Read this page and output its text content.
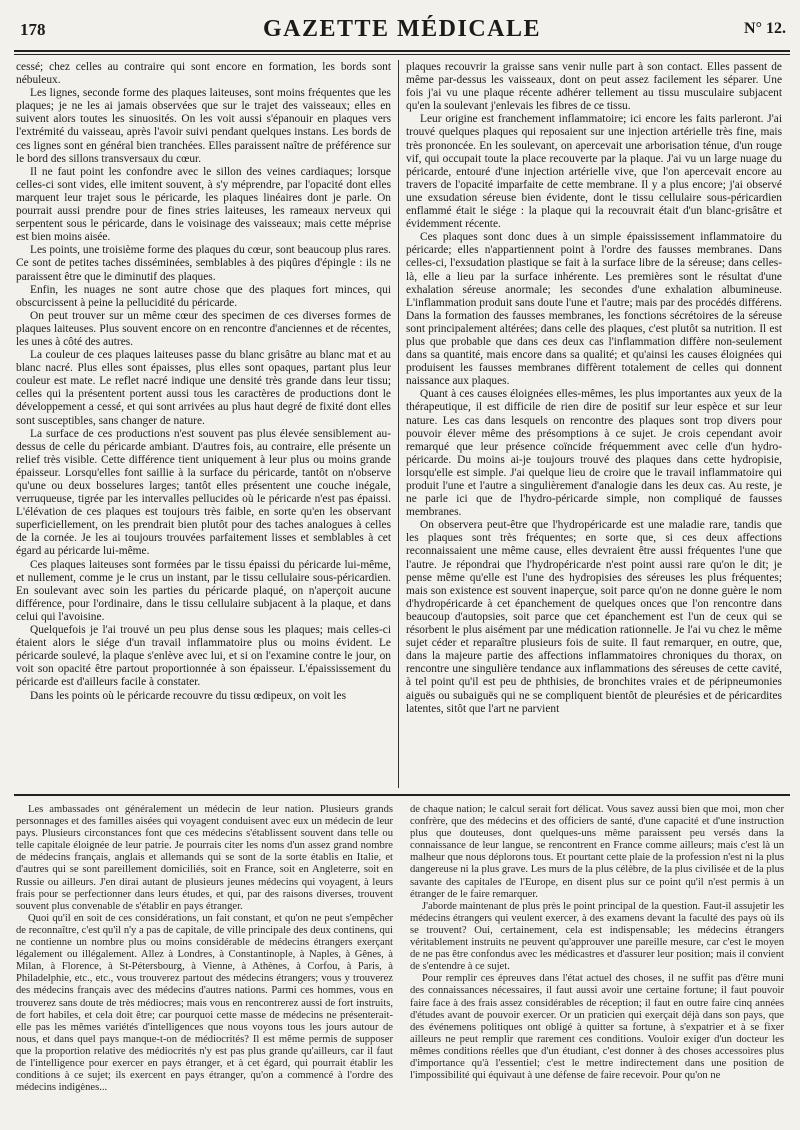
178	GAZETTE MÉDICALE	N° 12.

cessé; chez celles au contraire qui sont encore en formation, les bords sont nébuleux.

Les lignes, seconde forme des plaques laiteuses, sont moins fréquentes que les plaques; je ne les ai jamais observées que sur le trajet des vaisseaux; elles en suivent alors toutes les sinuosités. On les voit aussi s'épanouir en plaques vers l'extrémité du vaisseau, après l'avoir suivi pendant quelques instans. Les bords de ces lignes sont en général bien tranchées. Elles paraissent naître de préférence sur le bord des sillons transversaux du cœur.

Il ne faut point les confondre avec le sillon des veines cardiaques; lorsque celles-ci sont vides, elle imitent souvent, à s'y méprendre, par l'opacité dont elles marquent leur trajet sous le péricarde, les plaques linéaires dont je parle. On pourrait aussi prendre pour de fines stries laiteuses, les rameaux nerveux qui serpentent sous le péricarde, dans le voisinage des vaisseaux; mais cette méprise est bien moins aisée.

Les points, une troisième forme des plaques du cœur, sont beaucoup plus rares. Ce sont de petites taches disséminées, semblables à des piqûres d'épingle : ils ne paraissent être que le diminutif des plaques.

Enfin, les nuages ne sont autre chose que des plaques fort minces, qui obscurcissent à peine la pellucidité du péricarde.

On peut trouver sur un même cœur des specimen de ces diverses formes de plaques laiteuses. Plus souvent encore on en rencontre d'anciennes et de récentes, les unes à côté des autres.

La couleur de ces plaques laiteuses passe du blanc grisâtre au blanc mat et au blanc nacré. Plus elles sont épaisses, plus elles sont opaques, partant plus leur couleur est mate. Le reflet nacré indique une densité très grande dans leur tissu; celles qui la présentent portent aussi tous les caractères de productions dont le développement a cessé, et qui sont arrivées au plus haut degré de fixité dont elles sont susceptibles, sans changer de nature.

La surface de ces productions n'est souvent pas plus élevée sensiblement au-dessus de celle du péricarde ambiant. D'autres fois, au contraire, elle présente un relief très visible. Cette différence tient uniquement à leur plus ou moins grande épaisseur. Lorsqu'elles font saillie à la surface du péricarde, tantôt on n'observe qu'une ou deux bosselures larges; tantôt elles présentent une couche inégale, verruqueuse, tigrée par les intervalles pellucides où le péricarde n'est pas épaissi. L'élévation de ces plaques est toujours très faible, en sorte qu'en les observant superficiellement, on les prendrait bien plutôt pour des taches analogues à celles de la cornée. Je les ai toujours trouvées parfaitement lisses et semblables à cet égard au péricarde lui-même.

Ces plaques laiteuses sont formées par le tissu épaissi du péricarde lui-même, et nullement, comme je le crus un instant, par le tissu cellulaire sous-péricardien. En soulevant avec soin les parties du péricarde plaqué, on n'aperçoit aucune différence, pour l'ordinaire, dans le tissu cellulaire subjacent à la plaque, et dans celui qui l'avoisine.

Quelquefois je l'ai trouvé un peu plus dense sous les plaques; mais celles-ci étaient alors le siége d'un travail inflammatoire plus ou moins évident. Le péricarde soulevé, la plaque s'enlève avec lui, et si on l'examine contre le jour, on voit son opacité être partout proportionnée à son épaisseur. L'épaississement du péricarde est d'ailleurs facile à constater.

Dans les points où le péricarde recouvre du tissu œdipeux, on voit les

plaques recouvrir la graisse sans venir nulle part à son contact. Elles passent de même par-dessus les vaisseaux, dont on peut assez facilement les séparer. Une fois j'ai vu une plaque récente adhérer tellement au tissu musculaire subjacent qu'en la soulevant j'enlevais les fibres de ce tissu.

Leur origine est franchement inflammatoire; ici encore les faits parleront. J'ai trouvé quelques plaques qui reposaient sur une injection artérielle très fine, mais très prononcée. En les soulevant, on apercevait une arborisation ténue, d'un rouge vif, qui occupait toute la place recouverte par la plaque. J'ai vu un large nuage du péricarde, entouré d'une injection artérielle vive, que l'on apercevait encore au travers de l'opacité imparfaite de cette membrane. Il y a plus encore; j'ai observé une exsudation séreuse bien évidente, dont le tissu cellulaire sous-péricardien enflammé était le siége : la plaque qui la recouvrait était d'un blanc-grisâtre et évidemment récente.

Ces plaques sont donc dues à un simple épaississement inflammatoire du péricarde; elles n'appartiennent point à l'ordre des fausses membranes. Dans celles-ci, l'exsudation plastique se fait à la surface libre de la séreuse; dans celles-là, elle a lieu par la surface inhérente. Les premières sont le résultat d'une exhalation séreuse anormale; les secondes d'une exhalation albumineuse. L'inflammation produit sans doute l'une et l'autre; mais par des procédés différens. Dans la formation des fausses membranes, les fonctions sécrétoires de la séreuse sont principalement altérées; dans celle des plaques, c'est plutôt sa nutrition. Il est plus que probable que dans ces deux cas l'inflammation diffère non-seulement dans sa quantité, mais encore dans sa qualité; et qu'ainsi les causes éloignées qui produisent les fausses membranes diffèrent totalement de celles qui donnent naissance aux plaques.

Quant à ces causes éloignées elles-mêmes, les plus importantes aux yeux de la thérapeutique, il est difficile de rien dire de positif sur leur espèce et sur leur nature. Les cas dans lesquels on rencontre des plaques sont trop divers pour pouvoir élever même des présomptions à ce sujet. Je crois cependant avoir remarqué que leur présence coïncide fréquemment avec celle d'un hydro-péricarde. Du moins ai-je toujours trouvé des plaques dans cette hydropisie, lorsqu'elle est simple. J'ai quelque lieu de croire que le travail inflammatoire qui produit l'une et l'autre a singulièrement d'analogie dans les deux cas. Au reste, je ne parle ici que de l'hydro-péricarde simple, non compliqué de fausses membranes.

On observera peut-être que l'hydropéricarde est une maladie rare, tandis que les plaques sont très fréquentes; en sorte que, si ces deux affections reconnaissaient une même cause, elles devraient être aussi fréquentes l'une que l'autre. Je répondrai que l'hydropéricarde n'est point aussi rare qu'on le dit; je pense même qu'elle est l'une des hydropisies des séreuses les plus fréquentes; mais son existence est souvent inaperçue, soit parce qu'on ne donne guère le nom d'hydropéricarde à cet épanchement de quelques onces que l'on rencontre dans beaucoup d'autopsies, soit parce que cet épanchement est l'un de ceux qui se résorbent le plus aisément par une médication rationnelle. Je l'ai vu chez le même sujet céder et reparaître plusieurs fois de suite. Il faut remarquer, en outre, que, dans la majeure partie des affections inflammatoires chroniques du thorax, on rencontre une singulière tendance aux inflammations des séreuses de cette cavité, à tel point qu'il est peu de phthisies, de bronchites vraies et de péripneumonies aiguës ou subaiguës qui ne se compliquent bientôt de pleurésies et de péricardites latentes, sitôt que l'art ne parvient

Les ambassades ont généralement un médecin de leur nation. Plusieurs grands personnages et des familles aisées qui voyagent conduisent avec eux un médecin de leur pays. Plusieurs circonstances font que ces médecins s'établissent souvent dans telle ou telle capitale éloignée de leur patrie. Je pourrais citer les noms d'un assez grand nombre de médecins français, anglais et allemands qui se sont de la sorte établis en Italie, et d'autres qui se sont pareillement domiciliés, soit en France, soit en Angleterre, soit en Russie ou ailleurs. J'en dirai autant de plusieurs jeunes médecins qui voyagent, à leurs frais pour se perfectionner dans leurs études, et qui, par des raisons diverses, trouvent souvent plus convenable de s'établir en pays étranger.

Quoi qu'il en soit de ces considérations, un fait constant, et qu'on ne peut s'empêcher de reconnaître, c'est qu'il n'y a pas de capitale, de ville principale des deux continens, qui ne contienne un nombre plus ou moins considérable de médecins étrangers exerçant légalement ou illégalement. Allez à Londres, à Constantinople, à Naples, à Gênes, à Milan, à Florence, à St-Pétersbourg, à Vienne, à Athènes, à Corfou, à Paris, à Philadelphie, etc., etc., vous trouverez partout des médecins étrangers; vous y trouverez des médecins français avec des médecins d'autres nations. Parmi ces hommes, vous en trouverez sans doute de très médiocres; mais vous en rencontrerez aussi de fort instruits, de fort habiles, et cela doit être; car pourquoi cette masse de médecins ne présenterait-elle pas les mêmes variétés d'intelligences que nous voyons tous les jours autour de nous, et dans quel pays manque-t-on de médiocrités? Il est même permis de supposer que la proportion relative des médiocrités n'y est pas plus grande qu'ailleurs, car il faut de l'intelligence pour exercer en pays étranger, et à cet égard, qui pourrait établir les conditions à ce sujet; ils exercent en pays étranger, qu'on a commencé à l'ordre des médecins indigènes...

de chaque nation; le calcul serait fort délicat. Vous savez aussi bien que moi, mon cher confrère, que des médecins et des officiers de santé, d'une capacité et d'une instruction plus que douteuses, dont quelques-uns même paraissent peu versés dans la connaissance de leur langue, se rencontrent en France comme ailleurs; mais c'est là un malheur que nous déplorons tous. Et pourtant cette plaie de la profession n'est ni la plus dangereuse ni la plus grave. Les murs de la plus célèbre, de la plus civilisée et de la plus savante des capitales de l'Europe, en disent plus sur ce point qu'il n'est permis à un étranger de le faire remarquer.

J'aborde maintenant de plus près le point principal de la question. Faut-il assujetir les médecins étrangers qui veulent exercer, à des examens devant la faculté des pays où ils se trouvent? Oui, certainement, cela est indispensable; les médecins étrangers véritablement instruits ne peuvent qu'approuver une pareille mesure, car c'est le moyen de ne pas être confondus avec les médicastres et d'assurer leur position; mais il convient de s'entendre à ce sujet.

Pour remplir ces épreuves dans l'état actuel des choses, il ne suffit pas d'être muni des connaissances nécessaires, il faut aussi avoir une certaine fortune; il faut pouvoir faire face à des frais assez considérables de réception; il faut en outre faire cinq années d'études avant de pouvoir exercer. Or un praticien qui exerçait déjà dans son pays, que des événemens politiques ont obligé à quitter sa fortune, à s'expatrier et à se fixer ailleurs ne peut remplir que rarement ces conditions. Vouloir exiger d'un docteur les mêmes conditions réelles que d'un étudiant, c'est donner à des choses accessoires plus d'importance qu'à l'essentiel; c'est le mettre indirectement dans une position de l'impossibilité qui équivaut à une défense de faire recevoir. Pour qu'on ne
